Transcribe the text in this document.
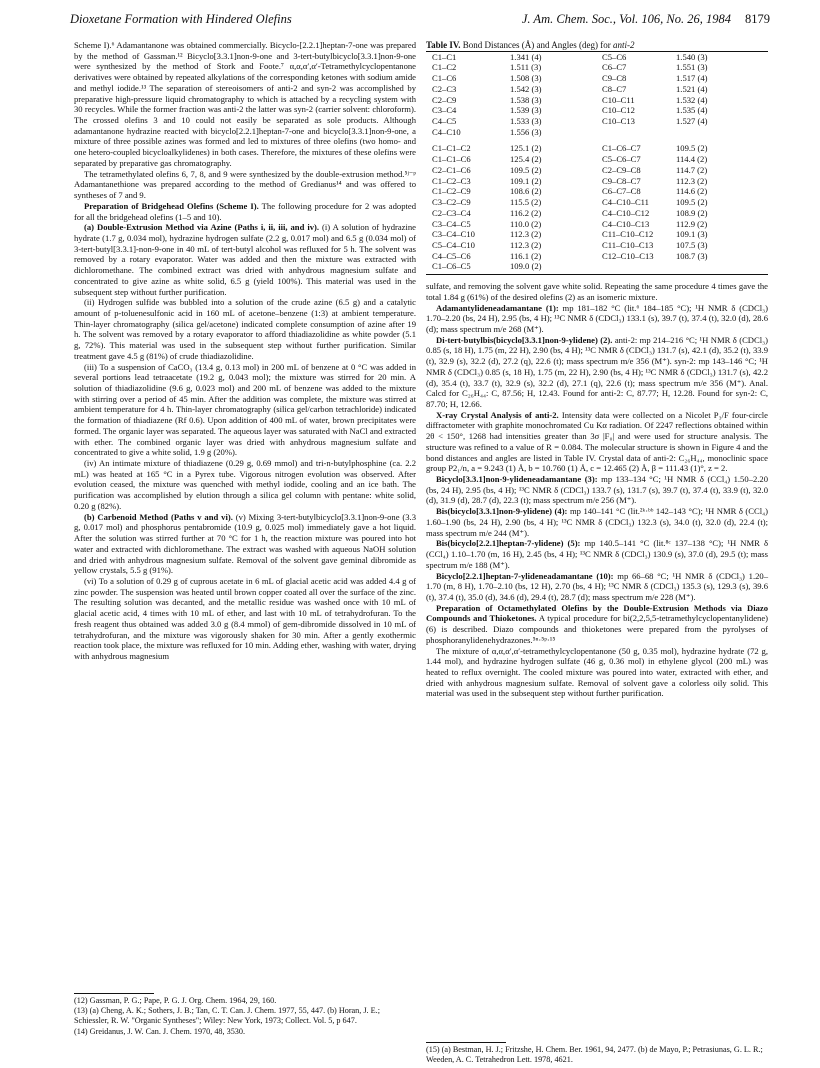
Dioxetane Formation with Hindered Olefins	J. Am. Chem. Soc., Vol. 106, No. 26, 1984 8179

Scheme I).⁶ Adamantanone was obtained commercially. Bicyclo-[2.2.1]heptan-7-one was prepared by the method of Gassman.¹² Bicyclo[3.3.1]non-9-one and 3-tert-butylbicyclo[3.3.1]non-9-one were synthesized by the method of Stork and Foote.⁷ α,α,α′,α′-Tetramethylcyclopentanone derivatives were obtained by repeated alkylations of the corresponding ketones with sodium amide and methyl iodide.¹³ The separation of stereoisomers of anti-2 and syn-2 was accomplished by preparative high-pressure liquid chromatography to which is attached by a recycling system with 30 recycles. While the former fraction was anti-2 the latter was syn-2 (carrier solvent: chloroform). The crossed olefins 3 and 10 could not easily be separated as sole products. Although adamantanone hydrazine reacted with bicyclo[2.2.1]heptan-7-one and bicyclo[3.3.1]non-9-one, a mixture of three possible azines was formed and led to mixtures of three olefins (two homo- and one hetero-coupled bicycloalkylidenes) in both cases. Therefore, the mixtures of these olefins were separated by preparative gas chromatography.

The tetramethylated olefins 6, 7, 8, and 9 were synthesized by the double-extrusion method.⁵ʲ⁻ᵖ Adamantanethione was prepared according to the method of Gredianus¹⁴ and was offered to syntheses of 7 and 9.

Preparation of Bridgehead Olefins (Scheme I). The following procedure for 2 was adopted for all the bridgehead olefins (1–5 and 10).

(a) Double-Extrusion Method via Azine (Paths i, ii, iii, and iv). (i) A solution of hydrazine hydrate (1.7 g, 0.034 mol), hydrazine hydrogen sulfate (2.2 g, 0.017 mol) and 6.5 g (0.034 mol) of 3-tert-butyl[3.3.1]-non-9-one in 40 mL of tert-butyl alcohol was refluxed for 5 h. The solvent was removed by a rotary evaporator. Water was added and then the mixture was extracted with dichloromethane. The combined extract was dried with anhydrous magnesium sulfate and concentrated to give azine as white solid, 6.5 g (yield 100%). This material was used in the subsequent step without further purification.

(ii) Hydrogen sulfide was bubbled into a solution of the crude azine (6.5 g) and a catalytic amount of p-toluenesulfonic acid in 160 mL of acetone–benzene (1:3) at ambient temperature. Thin-layer chromatography (silica gel/acetone) indicated complete consumption of azine after 19 h. The solvent was removed by a rotary evaporator to afford thiadiazolidine as white powder (5.1 g, 72%). This material was used in the subsequent step without further purification. Similar treatment gave 4.5 g (81%) of crude thiadiazolidine.

(iii) To a suspension of CaCO₃ (13.4 g, 0.13 mol) in 200 mL of benzene at 0 °C was added in several portions lead tetraacetate (19.2 g, 0.043 mol); the mixture was stirred for 20 min. A solution of thiadiazolidine (9.6 g, 0.023 mol) and 200 mL of benzene was added to the mixture with stirring over a period of 45 min. After the addition was complete, the mixture was stirred at ambient temperature for 4 h. Thin-layer chromatography (silica gel/carbon tetrachloride) indicated the formation of thiadiazene (Rf 0.6). Upon addition of 400 mL of water, brown precipitates were formed. The organic layer was separated. The aqueous layer was saturated with NaCl and extracted with ether. The combined organic layer was dried with anhydrous magnesium sulfate and concentrated to give a white solid, 1.9 g (20%).

(iv) An intimate mixture of thiadiazene (0.29 g, 0.69 mmol) and tri-n-butylphosphine (ca. 2.2 mL) was heated at 165 °C in a Pyrex tube. Vigorous nitrogen evolution was observed. After evolution ceased, the mixture was quenched with methyl iodide, cooling and an ice bath. The purification was accomplished by elution through a silica gel column with pentane: white solid, 0.20 g (82%).

(b) Carbenoid Method (Paths v and vi). (v) Mixing 3-tert-butylbicyclo[3.3.1]non-9-one (3.3 g, 0.017 mol) and phosphorus pentabromide (10.9 g, 0.025 mol) immediately gave a hot liquid. After the solution was stirred further at 70 °C for 1 h, the reaction mixture was poured into hot water and extracted with dichloromethane. The extract was washed with aqueous NaOH solution and dried with anhydrous magnesium sulfate. Removal of the solvent gave geminal dibromide as yellow crystals, 5.5 g (91%).

(vi) To a solution of 0.29 g of cuprous acetate in 6 mL of glacial acetic acid was added 4.4 g of zinc powder. The suspension was heated until brown copper coated all over the surface of the zinc. The resulting solution was decanted, and the metallic residue was washed once with 10 mL of glacial acetic acid, 4 times with 10 mL of ether, and last with 10 mL of tetrahydrofuran. To the fresh reagent thus obtained was added 3.0 g (8.4 mmol) of gem-dibromide dissolved in 10 mL of tetrahydrofuran, and the mixture was vigorously shaken for 30 min. After a gently exothermic reaction took place, the mixture was refluxed for 10 min. Adding ether, washing with water, drying with anhydrous magnesium

Table IV. Bond Distances (Å) and Angles (deg) for anti-2

C1–C1	1.341 (4)	C5–C6	1.540 (3)
C1–C2	1.511 (3)	C6–C7	1.551 (3)
C1–C6	1.508 (3)	C9–C8	1.517 (4)
C2–C3	1.542 (3)	C8–C7	1.521 (4)
C2–C9	1.538 (3)	C10–C11	1.532 (4)
C3–C4	1.539 (3)	C10–C12	1.535 (4)
C4–C5	1.533 (3)	C10–C13	1.527 (4)
C4–C10	1.556 (3)		
C1–C1–C2	125.1 (2)	C1–C6–C7	109.5 (2)
C1–C1–C6	125.4 (2)	C5–C6–C7	114.4 (2)
C2–C1–C6	109.5 (2)	C2–C9–C8	114.7 (2)
C1–C2–C3	109.1 (2)	C9–C8–C7	112.3 (2)
C1–C2–C9	108.6 (2)	C6–C7–C8	114.6 (2)
C3–C2–C9	115.5 (2)	C4–C10–C11	109.5 (2)
C2–C3–C4	116.2 (2)	C4–C10–C12	108.9 (2)
C3–C4–C5	110.0 (2)	C4–C10–C13	112.9 (2)
C3–C4–C10	112.3 (2)	C11–C10–C12	109.1 (3)
C5–C4–C10	112.3 (2)	C11–C10–C13	107.5 (3)
C4–C5–C6	116.1 (2)	C12–C10–C13	108.7 (3)
C1–C6–C5	109.0 (2)		

sulfate, and removing the solvent gave white solid. Repeating the same procedure 4 times gave the total 1.84 g (61%) of the desired olefins (2) as an isomeric mixture.

Adamantylideneadamantane (1): mp 181–182 °C (lit.⁶ 184–185 °C); ¹H NMR δ (CDCl₃) 1.70–2.20 (bs, 24 H), 2.95 (bs, 4 H); ¹³C NMR δ (CDCl₃) 133.1 (s), 39.7 (t), 37.4 (t), 32.0 (d), 28.6 (d); mass spectrum m/e 268 (M⁺).

Di-tert-butylbis(bicyclo[3.3.1]non-9-ylidene) (2). anti-2: mp 214–216 °C; ¹H NMR δ (CDCl₃) 0.85 (s, 18 H), 1.75 (m, 22 H), 2.90 (bs, 4 H); ¹³C NMR δ (CDCl₃) 131.7 (s), 42.1 (d), 35.2 (t), 33.9 (t), 32.9 (s), 32.2 (d), 27.2 (q), 22.6 (t); mass spectrum m/e 356 (M⁺). syn-2: mp 143–146 °C; ¹H NMR δ (CDCl₃) 0.85 (s, 18 H), 1.75 (m, 22 H), 2.90 (bs, 4 H); ¹³C NMR δ (CDCl₃) 131.7 (s), 42.2 (d), 35.4 (t), 33.7 (t), 32.9 (s), 32.2 (d), 27.1 (q), 22.6 (t); mass spectrum m/e 356 (M⁺). Anal. Calcd for C₂₆H₄₄: C, 87.56; H, 12.43. Found for anti-2: C, 87.77; H, 12.28. Found for syn-2: C, 87.70; H, 12.66.

X-ray Crystal Analysis of anti-2. Intensity data were collected on a Nicolet P₃/F four-circle diffractometer with graphite monochromated Cu Kα radiation. Of 2247 reflections obtained within 2θ < 150°, 1268 had intensities greater than 3σ |F₀| and were used for structure analysis. The structure was refined to a value of R = 0.084. The molecular structure is shown in Figure 4 and the bond distances and angles are listed in Table IV. Crystal data of anti-2: C₂₆H₄₄, monoclinic space group P2₁/n, a = 9.243 (1) Å, b = 10.760 (1) Å, c = 12.465 (2) Å, β = 111.43 (1)°, z = 2.

Bicyclo[3.3.1]non-9-ylideneadamantane (3): mp 133–134 °C; ¹H NMR δ (CCl₄) 1.50–2.20 (bs, 24 H), 2.95 (bs, 4 H); ¹³C NMR δ (CDCl₃) 133.7 (s), 131.7 (s), 39.7 (t), 37.4 (t), 33.9 (t), 32.0 (d), 31.9 (d), 28.7 (d), 22.3 (t); mass spectrum m/e 256 (M⁺).

Bis(bicyclo[3.3.1]non-9-ylidene) (4): mp 140–141 °C (lit.²ᵏ·ᵇᵇ 142–143 °C); ¹H NMR δ (CCl₄) 1.60–1.90 (bs, 24 H), 2.90 (bs, 4 H); ¹³C NMR δ (CDCl₃) 132.3 (s), 34.0 (t), 32.0 (d), 22.4 (t); mass spectrum m/e 244 (M⁺).

Bis(bicyclo[2.2.1]heptan-7-ylidene) (5): mp 140.5–141 °C (lit.⁸ᶜ 137–138 °C); ¹H NMR δ (CCl₄) 1.10–1.70 (m, 16 H), 2.45 (bs, 4 H); ¹³C NMR δ (CDCl₃) 130.9 (s), 37.0 (d), 29.5 (t); mass spectrum m/e 188 (M⁺).

Bicyclo[2.2.1]heptan-7-ylideneadamantane (10): mp 66–68 °C; ¹H NMR δ (CDCl₃) 1.20–1.70 (m, 8 H), 1.70–2.10 (bs, 12 H), 2.70 (bs, 4 H); ¹³C NMR δ (CDCl₃) 135.3 (s), 129.3 (s), 39.6 (t), 37.4 (t), 35.0 (d), 34.6 (d), 29.4 (t), 28.7 (d); mass spectrum m/e 228 (M⁺).

Preparation of Octamethylated Olefins by the Double-Extrusion Methods via Diazo Compounds and Thioketones. A typical procedure for bi(2,2,5,5-tetramethylcyclopentanylidene) (6) is described. Diazo compounds and thioketones were prepared from the pyrolyses of phosphoranylidenehydrazones.⁵ⁿ·⁵ᵖ·¹⁵

The mixture of α,α,α′,α′-tetramethylcyclopentanone (50 g, 0.35 mol), hydrazine hydrate (72 g, 1.44 mol), and hydrazine hydrogen sulfate (46 g, 0.36 mol) in ethylene glycol (200 mL) was heated to reflux overnight. The cooled mixture was poured into water, extracted with ether, and dried with anhydrous magnesium sulfate. Removal of solvent gave a colorless oily solid. This material was used in the subsequent step without further purification.

(12) Gassman, P. G.; Pape, P. G. J. Org. Chem. 1964, 29, 160.

(13) (a) Cheng, A. K.; Sothers, J. B.; Tan, C. T. Can. J. Chem. 1977, 55, 447. (b) Horan, J. E.; Schiessler, R. W. "Organic Syntheses"; Wiley: New York, 1973; Collect. Vol. 5, p 647.

(14) Greidanus, J. W. Can. J. Chem. 1970, 48, 3530.

(15) (a) Bestman, H. J.; Fritzshe, H. Chem. Ber. 1961, 94, 2477. (b) de Mayo, P.; Petrasiunas, G. L. R.; Weeden, A. C. Tetrahedron Lett. 1978, 4621.
